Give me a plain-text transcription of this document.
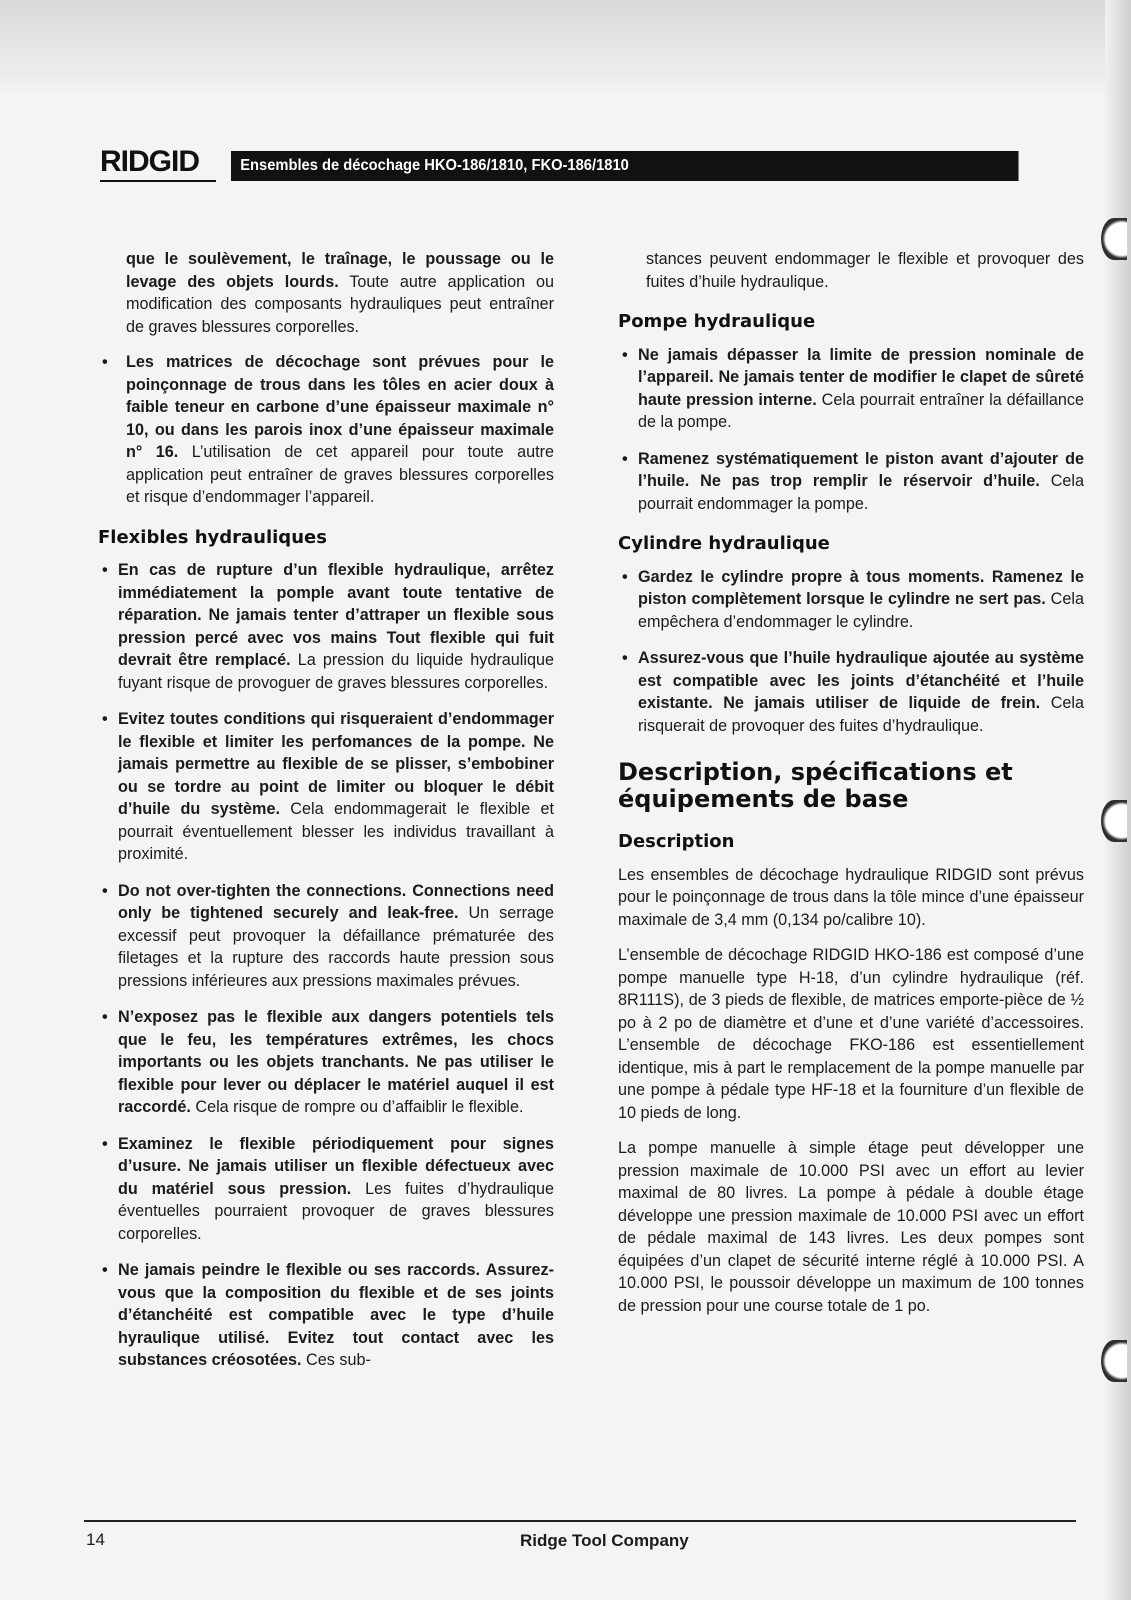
RIDGID	Ensembles de décochage HKO-186/1810, FKO-186/1810

que le soulèvement, le traînage, le poussage ou le levage des objets lourds. Toute autre application ou modification des composants hydrauliques peut entraîner de graves blessures corporelles.

• Les matrices de décochage sont prévues pour le poinçonnage de trous dans les tôles en acier doux à faible teneur en carbone d’une épaisseur maximale n° 10, ou dans les parois inox d’une épaisseur maximale n° 16. L’utilisation de cet appareil pour toute autre application peut entraîner de graves blessures corporelles et risque d’endommager l’appareil.
Flexibles hydrauliques
• En cas de rupture d’un flexible hydraulique, arrêtez immédiatement la pomple avant toute tentative de réparation. Ne jamais tenter d’attraper un flexible sous pression percé avec vos mains Tout flexible qui fuit devrait être remplacé. La pression du liquide hydraulique fuyant risque de provoguer de graves blessures corporelles.
• Evitez toutes conditions qui risqueraient d’endommager le flexible et limiter les perfomances de la pompe. Ne jamais permettre au flexible de se plisser, s’embobiner ou se tordre au point de limiter ou bloquer le débit d’huile du système. Cela endommagerait le flexible et pourrait éventuellement blesser les individus travaillant à proximité.
• Do not over-tighten the connections. Connections need only be tightened securely and leak-free. Un serrage excessif peut provoquer la défaillance prématurée des filetages et la rupture des raccords haute pression sous pressions inférieures aux pressions maximales prévues.
• N’exposez pas le flexible aux dangers potentiels tels que le feu, les températures extrêmes, les chocs importants ou les objets tranchants. Ne pas utiliser le flexible pour lever ou déplacer le matériel auquel il est raccordé. Cela risque de rompre ou d’affaiblir le flexible.
• Examinez le flexible périodiquement pour signes d’usure. Ne jamais utiliser un flexible défectueux avec du matériel sous pression. Les fuites d’hydraulique éventuelles pourraient provoquer de graves blessures corporelles.
• Ne jamais peindre le flexible ou ses raccords. Assurez-vous que la composition du flexible et de ses joints d’étanchéité est compatible avec le type d’huile hyraulique utilisé. Evitez tout contact avec les substances créosotées. Ces sub-

stances peuvent endommager le flexible et provoquer des fuites d’huile hydraulique.

Pompe hydraulique
• Ne jamais dépasser la limite de pression nominale de l’appareil. Ne jamais tenter de modifier le clapet de sûreté haute pression interne. Cela pourrait entraîner la défaillance de la pompe.
• Ramenez systématiquement le piston avant d’ajouter de l’huile. Ne pas trop remplir le réservoir d’huile. Cela pourrait endommager la pompe.
Cylindre hydraulique
• Gardez le cylindre propre à tous moments. Ramenez le piston complètement lorsque le cylindre ne sert pas. Cela empêchera d’endommager le cylindre.
• Assurez-vous que l’huile hydraulique ajoutée au système est compatible avec les joints d’étanchéité et l’huile existante. Ne jamais utiliser de liquide de frein. Cela risquerait de provoquer des fuites d’hydraulique.
Description, spécifications et équipements de base
Description

Les ensembles de décochage hydraulique RIDGID sont prévus pour le poinçonnage de trous dans la tôle mince d’une épaisseur maximale de 3,4 mm (0,134 po/calibre 10).

L’ensemble de décochage RIDGID HKO-186 est composé d’une pompe manuelle type H-18, d’un cylindre hydraulique (réf. 8R111S), de 3 pieds de flexible, de matrices emporte-pièce de ½ po à 2 po de diamètre et d’une et d’une variété d’accessoires. L’ensemble de décochage FKO-186 est essentiellement identique, mis à part le remplacement de la pompe manuelle par une pompe à pédale type HF-18 et la fourniture d’un flexible de 10 pieds de long.

La pompe manuelle à simple étage peut développer une pression maximale de 10.000 PSI avec un effort au levier maximal de 80 livres. La pompe à pédale à double étage développe une pression maximale de 10.000 PSI avec un effort de pédale maximal de 143 livres. Les deux pompes sont équipées d’un clapet de sécurité interne réglé à 10.000 PSI. A 10.000 PSI, le poussoir développe un maximum de 100 tonnes de pression pour une course totale de 1 po.

14	Ridge Tool Company
